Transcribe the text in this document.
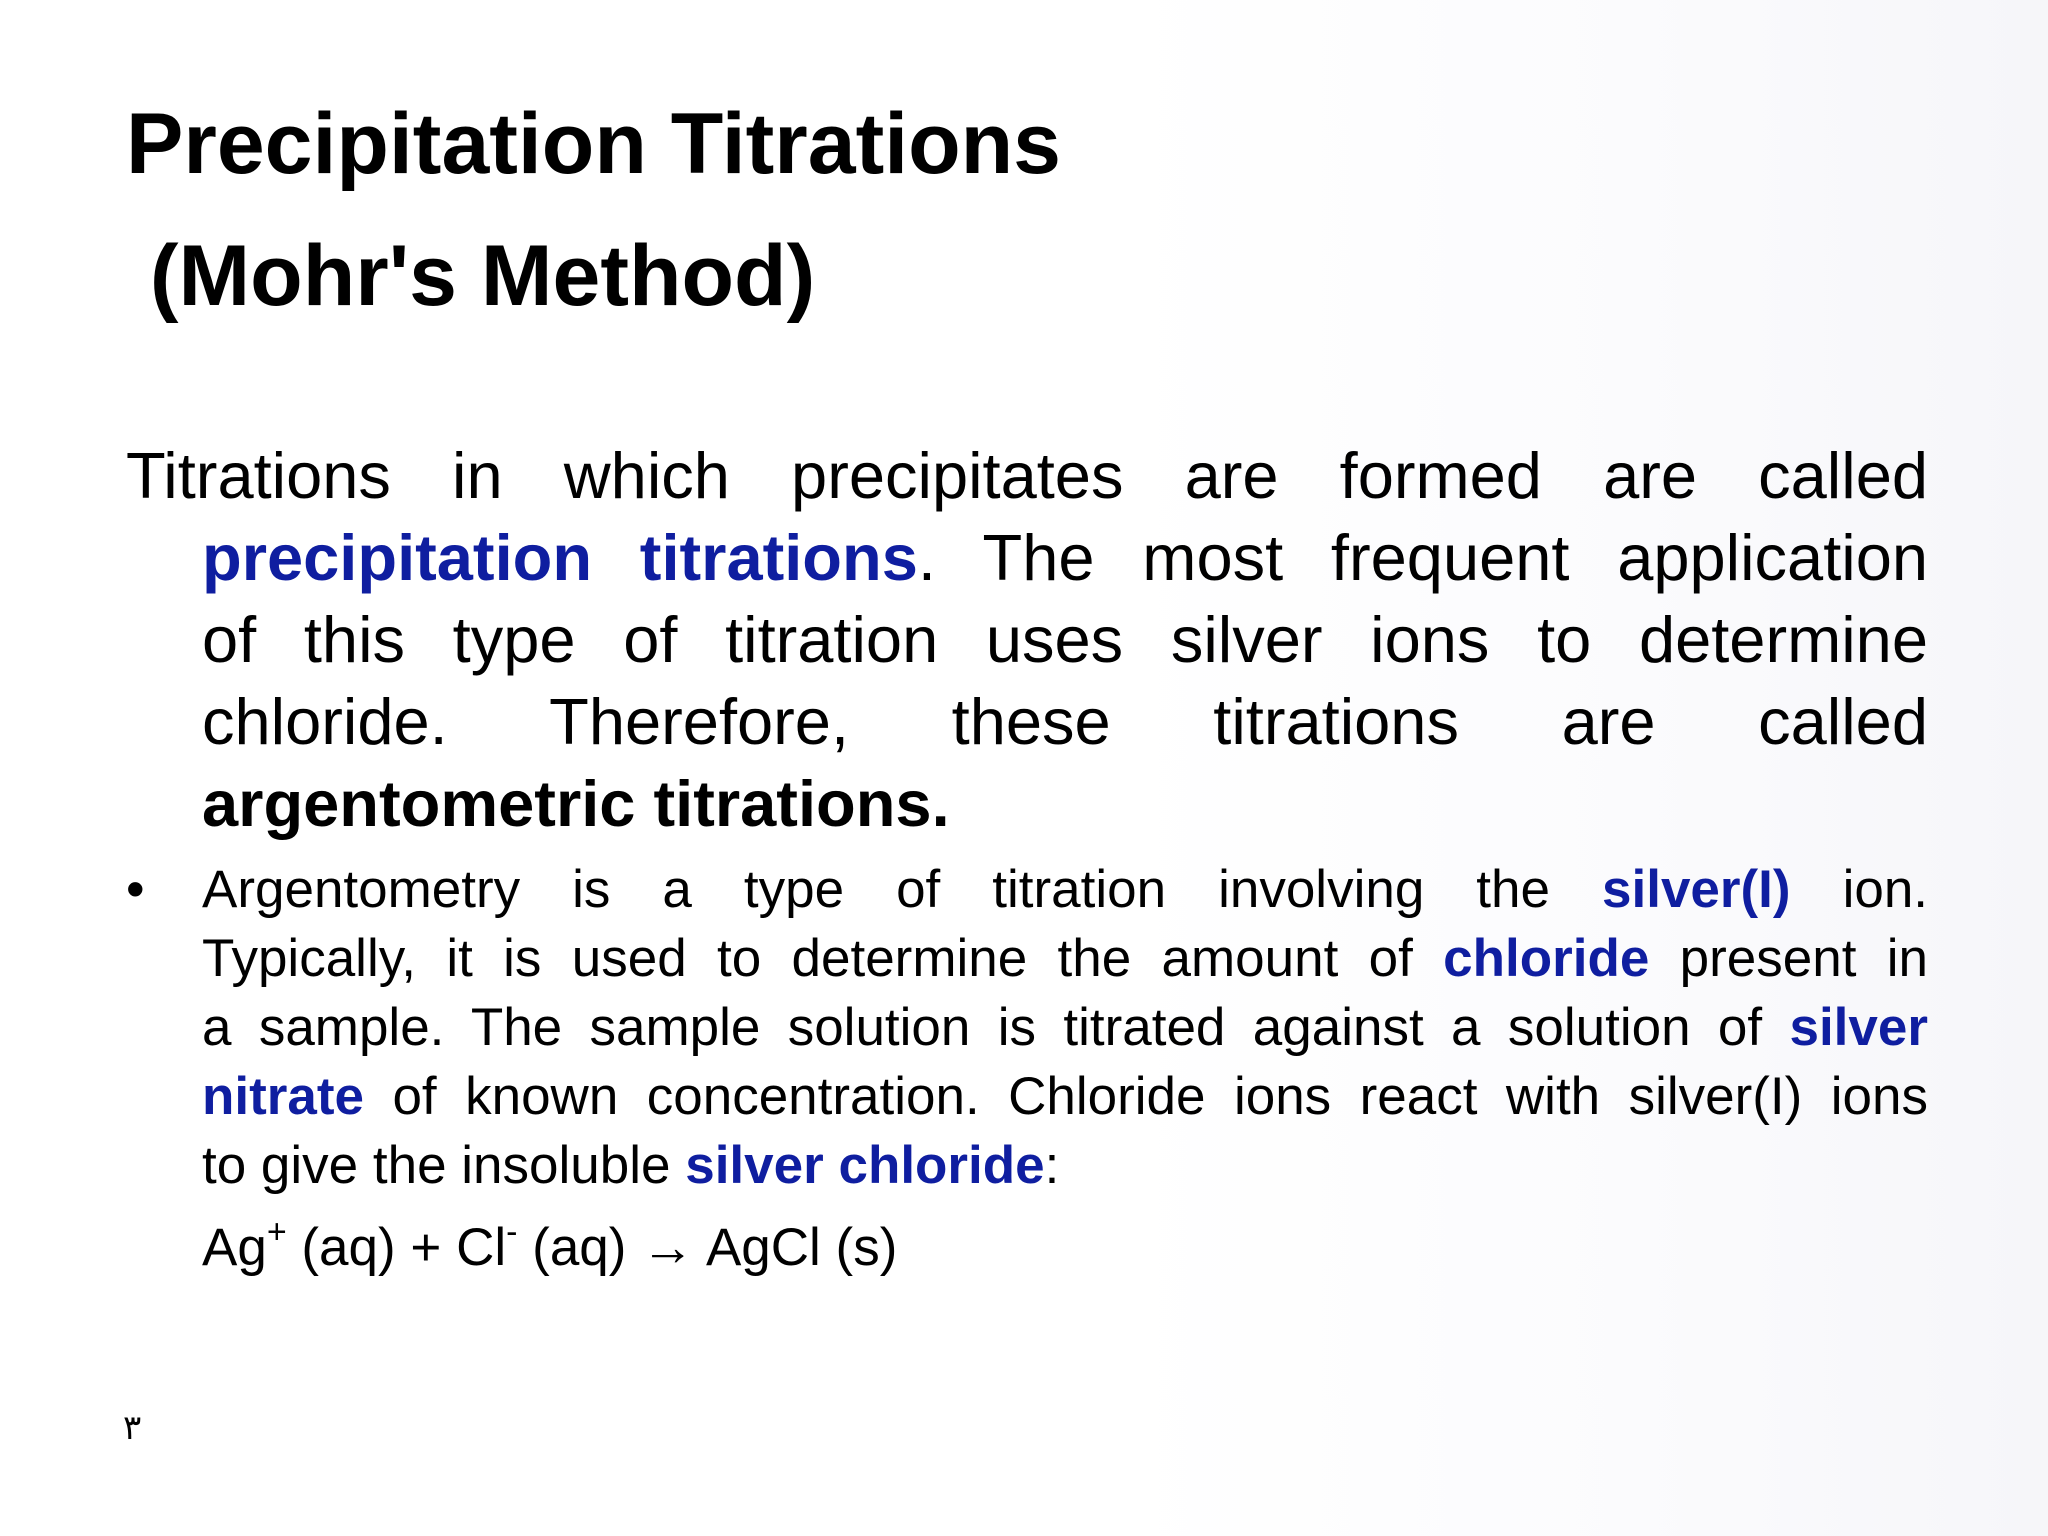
Precipitation Titrations
(Mohr's Method)
Titrations in which precipitates are formed are called
precipitation titrations. The most frequent application
of this type of titration uses silver ions to determine
chloride. Therefore, these titrations are called
argentometric titrations.
•	Argentometry is a type of titration involving the silver(I) ion.
Typically, it is used to determine the amount of chloride present in
a sample. The sample solution is titrated against a solution of silver
nitrate of known concentration. Chloride ions react with silver(I) ions
to give the insoluble silver chloride:
Ag+ (aq) + Cl- (aq) → AgCl (s)
٣
